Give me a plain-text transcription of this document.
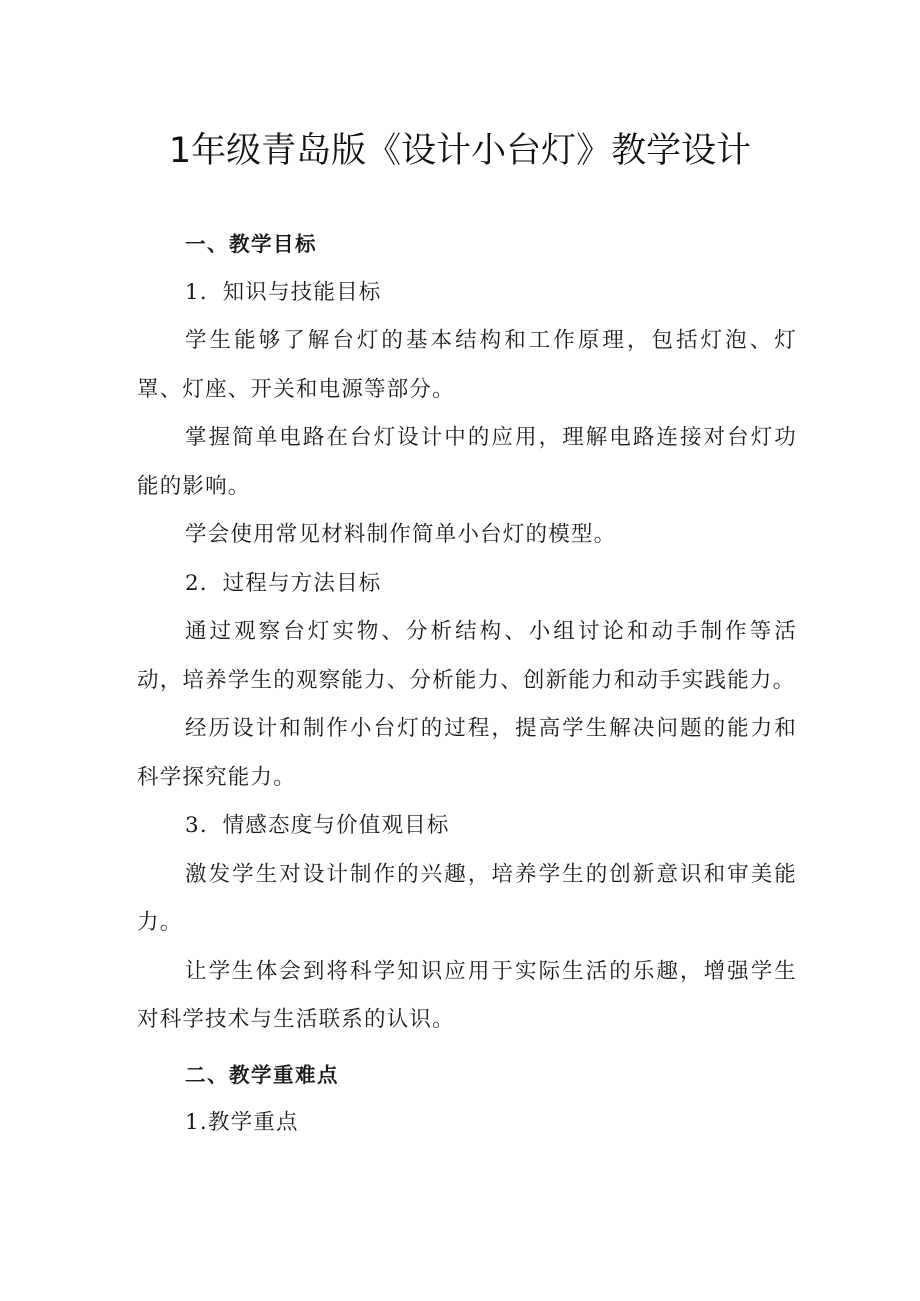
1年级青岛版《设计小台灯》教学设计

一、教学目标

1．知识与技能目标

学生能够了解台灯的基本结构和工作原理，包括灯泡、灯罩、灯座、开关和电源等部分。

掌握简单电路在台灯设计中的应用，理解电路连接对台灯功能的影响。

学会使用常见材料制作简单小台灯的模型。

2．过程与方法目标

通过观察台灯实物、分析结构、小组讨论和动手制作等活动，培养学生的观察能力、分析能力、创新能力和动手实践能力。

经历设计和制作小台灯的过程，提高学生解决问题的能力和科学探究能力。

3．情感态度与价值观目标

激发学生对设计制作的兴趣，培养学生的创新意识和审美能力。

让学生体会到将科学知识应用于实际生活的乐趣，增强学生对科学技术与生活联系的认识。

二、教学重难点

1.教学重点
